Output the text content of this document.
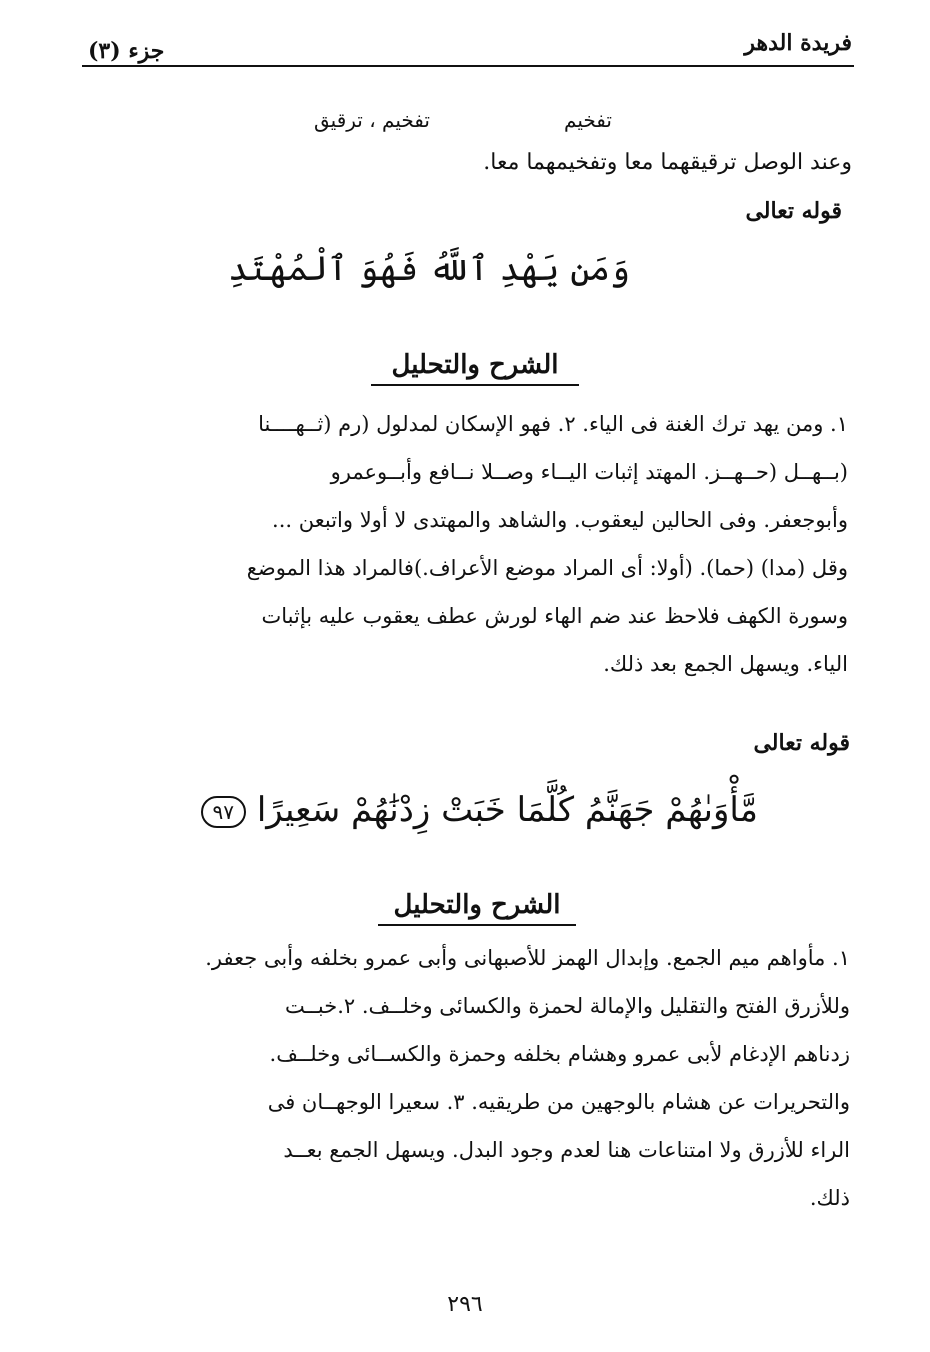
جزء (٣)	فريدة الدهر
تفخيم
تفخيم ، ترقيق
وعند الوصل ترقيقهما معا وتفخيمهما معا.
قوله تعالى
وَمَن يَهْدِ ٱللَّهُ فَهُوَ ٱلْمُهْتَدِ
الشرح والتحليل

١. ومن يهد ترك الغنة فى الياء. ٢. فهو الإسكان لمدلول (رم (ثــهــــنا

(بــهــل (حــهــز. المهتد إثبات اليــاء وصــلا نــافع وأبــوعمرو

وأبوجعفر. وفى الحالين ليعقوب. والشاهد والمهتدى لا أولا واتبعن ...

وقل (مدا) (حما). (أولا: أى المراد موضع الأعراف.)فالمراد هذا الموضع

وسورة الكهف فلاحظ عند ضم الهاء لورش عطف يعقوب عليه بإثبات

الياء. ويسهل الجمع بعد ذلك.

قوله تعالى
مَّأْوَىٰهُمْ جَهَنَّمُ كُلَّمَا خَبَتْ زِدْنَٰهُمْ سَعِيرًا ٩٧
الشرح والتحليل

١. مأواهم ميم الجمع. وإبدال الهمز للأصبهانى وأبى عمرو بخلفه وأبى جعفر.

وللأزرق الفتح والتقليل والإمالة لحمزة والكسائى وخلــف. ٢.خبــت

زدناهم الإدغام لأبى عمرو وهشام بخلفه وحمزة والكســائى وخلــف.

والتحريرات عن هشام بالوجهين من طريقيه. ٣. سعيرا الوجهــان فى

الراء للأزرق ولا امتناعات هنا لعدم وجود البدل. ويسهل الجمع بعــد

ذلك.

٢٩٦
